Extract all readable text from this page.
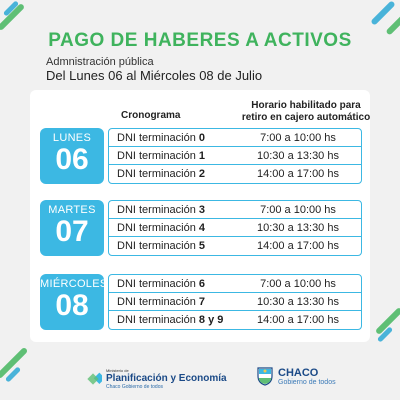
PAGO DE HABERES A ACTIVOS
Admnistración pública
Del Lunes 06 al Miércoles 08 de Julio
Cronograma
Horario habilitado para
retiro en cajero automático
LUNES
06
DNI terminación 0	7:00 a 10:00 hs
DNI terminación 1	10:30 a 13:30 hs
DNI terminación 2	14:00 a 17:00 hs
MARTES
07
DNI terminación 3	7:00 a 10:00 hs
DNI terminación 4	10:30 a 13:30 hs
DNI terminación 5	14:00 a 17:00 hs
MIÉRCOLES
08
DNI terminación 6	7:00 a 10:00 hs
DNI terminación 7	10:30 a 13:30 hs
DNI terminación 8 y 9	14:00 a 17:00 hs
Ministerio de
Planificación y Economía
Chaco Gobierno de todos
CHACO
Gobierno de todos
